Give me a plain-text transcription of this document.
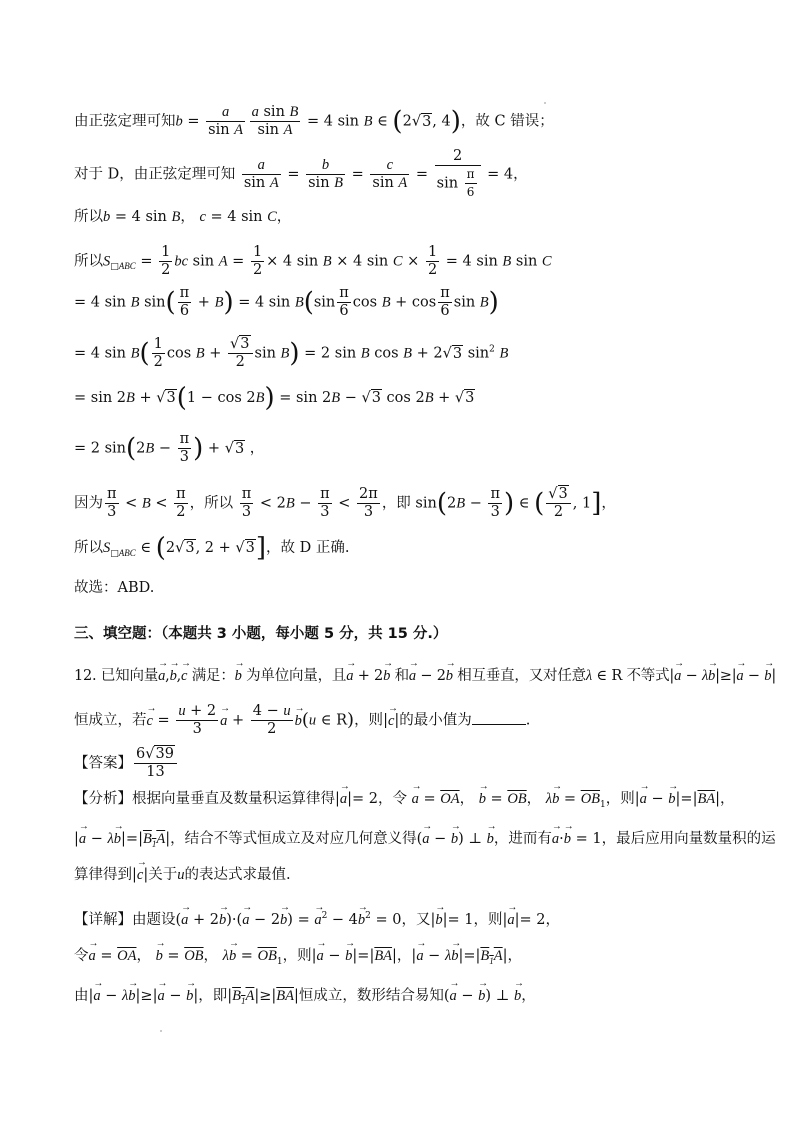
由正弦定理可知$b = \frac{a}{\text{sin A}}$
$\frac{\text{a sin B}}{\text{sin A}} = 4$ sin B ∈ (2√3, 4)，故 C 错误；
对于 D，由正弦定理可知 $\frac{a}{\text{sin A}} = \frac{b}{\text{sin B}} = \frac{c}{\text{sin A}} = \frac{2}{\sin \frac{\pi}{6}} = 4$，
所以b = 4 sin B， c = 4 sin C，
所以$S_{□ABC} = \frac{1}{2}$ bc $\sin A = \frac{1}{2} \times 4$ sin B × 4 $\sin C \times \frac{1}{2} = 4$ sin B sin C
= 4 sin B $\sin( \frac{\pi}{6} + B) = 4$ $\sin B(\sin \frac{\pi}{6}$ $\cos B + \cos \frac{\pi}{6}$ sin B)
= 4 $\sin B( \frac{1}{2}$ $\cos B + \frac{√3}{2}$ sin B) = 2 sin B cos B + 2√3 $\sin^2 B$
= sin 2B + √3(1 − cos 2B) = sin 2B − √3 cos 2B + √3
= 2 $\sin(2B - \frac{\pi}{3}$ ) + √3 ，
因为 $\frac{\pi}{3} < B < \frac{\pi}{2}$ ，所以 $\frac{\pi}{3} < 2B - \frac{\pi}{3} < \frac{2\pi}{3}$ ，即 $\sin(2B - \frac{\pi}{3}$ ) ∈ ( $\frac{√3}{2}$ , 1]，
所以$S_{□ABC}$ ∈ (2√3, 2 + √3]，故 D 正确.
故选：ABD.
三、填空题：（本题共 3 小题，每小题 5 分，共 15 分.）
12. 已知向量→ a,→ b,→ c 满足：→ b 为单位向量，且→ a + 2→ b 和→ a − 2→ b 相互垂直，又对任意λ ∈ R 不等式|→ a − λ→ b|≥|→ a − → b|
恒成立，若→ $c = \frac{u + 2}{3} \to a + \frac{4 - u}{2} \to b(u$ ∈ R)，则|→ c|的最小值为	.
【答案】 $\frac{6√39}{13}$
【分析】根据向量垂直及数量积运算律得|→ a|= 2，令 → $a = \overline{OA}$， → $b = \overline{OB}$， $\lambda\to b = \overline{OB}_1$，则|→ a − → $b|=|\overline{BA}|$，
|→ $a - \lambda\to b|=|B_1A|$，结合不等式恒成立及对应几何意义得(→ a − → b) ⊥ → b，进而有→ a·→ b = 1，最后应用向量数量积的运
算律得到|→ c|关于u的表达式求最值.
【详解】由题设(→ a + 2→ b)·(→ a − 2→ b) = → $a^2 - 4\to b^2 = 0$，又|→ b|= 1，则|→ a|= 2，
令→ $a = \overline{OA}$， → $b = \overline{OB}$， $\lambda\to b = \overline{OB}_1$，则|→ a − → $b|=|\overline{BA}|$，|→ $a - \lambda\to b|=|B_1A|$，
由|→ a − λ→ b|≥|→ a − → b|，即$|B_1A|\ge|\overline{BA}|$恒成立，数形结合易知(→ a − → b) ⊥ → b，
